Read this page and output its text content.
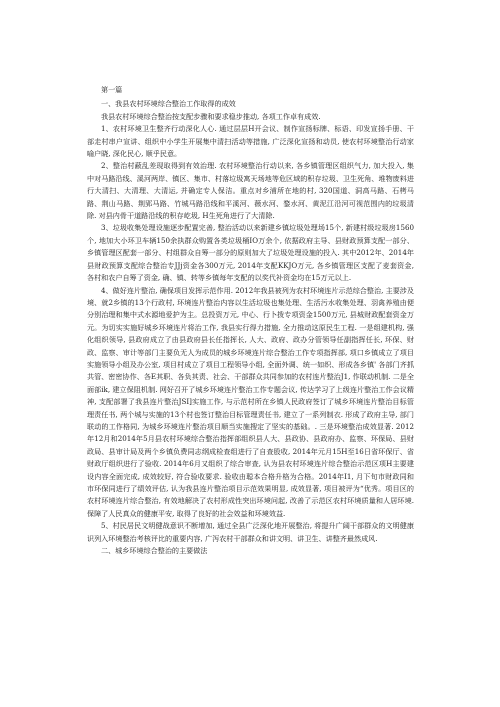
第一篇

一、我县农村环境综合整治工作取得的成效

我县农村环境综合整治按支配步骤和要求稳步推动, 各项工作卓有成效.

1、农村环境卫生整齐行动深化人心. 通过层层H开会议、制作宣扬标牌、标语、印发宣扬手册、干部走村串户宣讲、组织中小学生开展集中清扫活动等措施, 广泛深化宣扬和动员, 使农村环境整治行动家喻户晓, 深化民心, 顺乎民意。

2、整治村蔽乱差现取得到有效治理. 农村环境整治行动以来, 各乡镇管理区组织气力, 加大投入, 集中对马路沿线、溪河两岸、镇区、集市、村落垃圾寓天场地等危区域的积存垃圾、卫生死角、堆物废料进行大清扫、大清理、大清运, 并确定专人保洁。重点对乡浦所在地的村, 320国道、洞高马路、石栲马路、荆山马路、荆郢马路、竹城马路沿线和平溪河、薇水河、鍪水河、黄泥江沿河可视范围内的垃圾清除. 对县内骨干道路沿线的积存屹圾, H生死角进行了大清除.

3、垃圾收集处理设施逐步配置完善, 整治活动以来新建乡镇垃圾处理场15个, 新建村级垃圾房1560个, 地加大小环卫车辆150余执群众购置各类垃圾桶IO万余个, 依据政府主导、县财政预算支配一部分、乡镇管理区配套一部分、村组群众自筹一部分的原则加大了垃圾处理设施的投入. 其中2012年、2014年县财政预算支配综合整治专JJj资金各300万元, 2014年支配KKJO万元, 各乡镇管理区支配了麦套资金, 各村和农户自筹了资金, 确、镇、转等乡镇每年支配的以奖代补资金均在15万元以上.

4、做好连片整治, 确保项目发挥示范作用. 2012年我县被列为农村环境连片示范综合整治, 主要涉及境、就2乡镇的13个行政村, 环境连片整治内容以生活垃圾也集处理、生活污水收集处理、羽禽养殖由便分别治理和集中式水源地爱护为主。总投资万元, 中心、行卜拨专项资金1500万元, 县城财政配套资金万元。为切实实施好城乡环境连片将治工作, 我县实行得力措施, 全力推动这原民生工程. 一是组建机构, 强化组织领导, 县政府成立了由县政府县长任指挥长, 人大、政府、政办分管领导任副指挥任长, 环保、财政、监察、审计等部门主要负无人为成员的城乡环境连片综合整治工作专项指挥部, 项口乡镇成立了项目实施领导小组及办公室, 项目村成立了项目工程领导小组, 全面外调、统一如织、形成各乡镇' 各部门齐抓共管、密密协作、各E其职、各负其责、社会、干部群众共同参加的农村连片整治J1, 作联动机制. 二是全面部ik, 建立保阻机制. 网好召开了城乡环境连片整治工作专题会议, 传达学习了上级连片整治工作会议精神, 支配部署了我县连片整治JSI]实施工作, 与示范村所在乡镇人民政府签订了城乡环境连片整治目标管理责任书, 两个城与实施的13个村也签订整治目标管理责任书, 建立了一系列制衣. 形成了政府主导, 部门联动的工作格同, 为城乡环境连片整治项目顺当实施搜定了坚实的基础。. 三是环境整治成效显著. 2012年12月和2014年5月县农村环境综合整治指挥部组织县人大、县政协、县政府办、监察、环保局、县财政局、县审计局及两个乡镇负费同志纲成检查组进行了自查股收, 2014年元月15H至16日省环保厅、省财政厅组织进行了验收. 2014年6月又组织了综合审查, 认为县农村环境连片综合整治示范区项H主要建设内容全面完成, 成效较好, 符合验收要求. 验收由聪本合格升格为合格。2014年I1, 月下旬市财政同和市环保同进行了绩效评估, 认为我县连片整治项目示范效果明显, 成效显著, 项目被评为“优秀。项目区的农村环境连片综合整治, 有效地解决了农村形成性突出环境问起, 改善了示范区农村环境质量和人居环境. 保障了人民真众的健康平安, 取得了良好的社会效益和环境效益.

5、村民居民文明健战意识不断增加, 通过全县广泛深化地开展整治, 将提升广阔干部群众的文明健康识列入环境整治考核评比的重要内容, 广泻农村干部群众和讲文明、讲卫生、讲整齐最然成风.

二、城乡环境综合整治的主要做法
